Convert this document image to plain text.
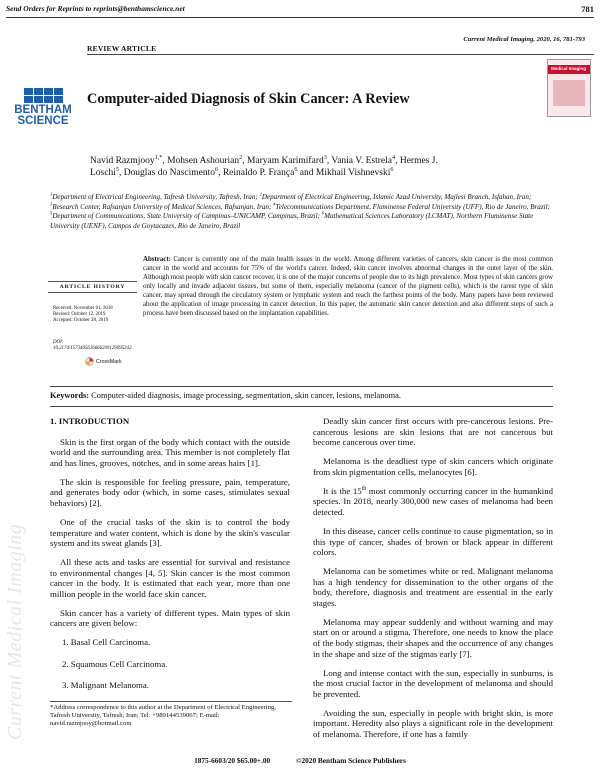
Send Orders for Reprints to reprints@benthamscience.net	781
Current Medical Imaging, 2020, 16, 781-793
REVIEW ARTICLE
BENTHAM
SCIENCE
Medical Imaging
Computer-aided Diagnosis of Skin Cancer: A Review
Navid Razmjooy$^{1,*}$, Mohsen Ashourian$^2$, Maryam Karimifard$^3$, Vania V. Estrela$^4$, Hermes J.
Loschi$^5$, Douglas do Nascimento$^6$, Reinaldo P. França$^6$ and Mikhail Vishnevski$^6$
$^1$Department of Electrical Engineering, Tafresh University, Tafresh, Iran; $^2$Department of Electrical Engineering, Islamic Azad University, Majlesi Branch, Isfahan, Iran; $^3$Research Center, Rafsanjan University of Medical Sciences, Rafsanjan, Iran; $^4$Telecommunications Department, Fluminense Federal University (UFF), Rio de Janeiro, Brazil; $^5$Department of Communications, State University of Campinas–UNICAMP, Campinas, Brazil; $^6$Mathematical Sciences Laboratory (LCMAT), Northern Fluminense State University (UENF), Campos de Goytacazes, Rio de Janeiro, Brazil
ARTICLE HISTORY
Received: November 01, 2018
Revised: October 12, 2019
Accepted: October 28, 2019
DOI:
10.2174/1573405616666200129095242
CrossMark
Abstract: Cancer is currently one of the main health issues in the world. Among different varieties of cancers, skin cancer is the most common cancer in the world and accounts for 75% of the world's cancer. Indeed, skin cancer involves abnormal changes in the outer layer of the skin. Although most people with skin cancer recover, it is one of the major concerns of people due to its high prevalence. Most types of skin cancers grow only locally and invade adjacent tissues, but some of them, especially melanoma (cancer of the pigment cells), which is the rarest type of skin cancer, may spread through the circulatory system or lymphatic system and reach the farthest points of the body. Many papers have been reviewed about the application of image processing in cancer detection. In this paper, the automatic skin cancer detection and also different steps of such a process have been discussed based on the implantation capabilities.
Keywords: Computer-aided diagnosis, image processing, segmentation, skin cancer, lesions, melanoma.
Current Medical Imaging
1. INTRODUCTION

Skin is the first organ of the body which contact with the outside world and the surrounding area. This member is not completely flat and has lines, grooves, notches, and in some areas hairs [1].

The skin is responsible for feeling pressure, pain, temperature, and generates body odor (which, in some cases, stimulates sexual behaviors) [2].

One of the crucial tasks of the skin is to control the body temperature and water content, which is done by the skin's vascular system and its sweat glands [3].

All these acts and tasks are essential for survival and resistance to environmental changes [4, 5]. Skin cancer is the most common cancer in the body. It is estimated that each year, more than one million people in the world face skin cancer.

Skin cancer has a variety of different types. Main types of skin cancers are given below:

1. Basal Cell Carcinoma.
2. Squamous Cell Carcinoma.
3. Malignant Melanoma.
*Address correspondence to this author at the Department of Electrical Engineering, Tafresh University, Tafresh, Iran; Tel: +989144539067; E-mail: navid.razmjooy@hotmail.com

Deadly skin cancer first occurs with pre-cancerous lesions. Pre-cancerous lesions are skin lesions that are not cancerous but become cancerous over time.

Melanoma is the deadliest type of skin cancers which originate from skin pigmentation cells, melanocytes [6].

It is the 15th most commonly occurring cancer in the humankind species. In 2018, nearly 300,000 new cases of melanoma had been detected.

In this disease, cancer cells continue to cause pigmentation, so in this type of cancer, shades of brown or black appear in different colors.

Melanoma can be sometimes white or red. Malignant melanoma has a high tendency for dissemination to the other organs of the body, therefore, diagnosis and treatment are essential in the early stages.

Melanoma may appear suddenly and without warning and may start on or around a stigma. Therefore, one needs to know the place of the body stigmas, their shapes and the occurrence of any changes in the shape and size of the stigmas early [7].

Long and intense contact with the sun, especially in sunburns, is the most crucial factor in the development of melanoma and should be prevented.

Avoiding the sun, especially in people with bright skin, is more important. Heredity also plays a significant role in the development of melanoma. Therefore, if one has a family

1875-6603/20 $65.00+.00	©2020 Bentham Science Publishers
